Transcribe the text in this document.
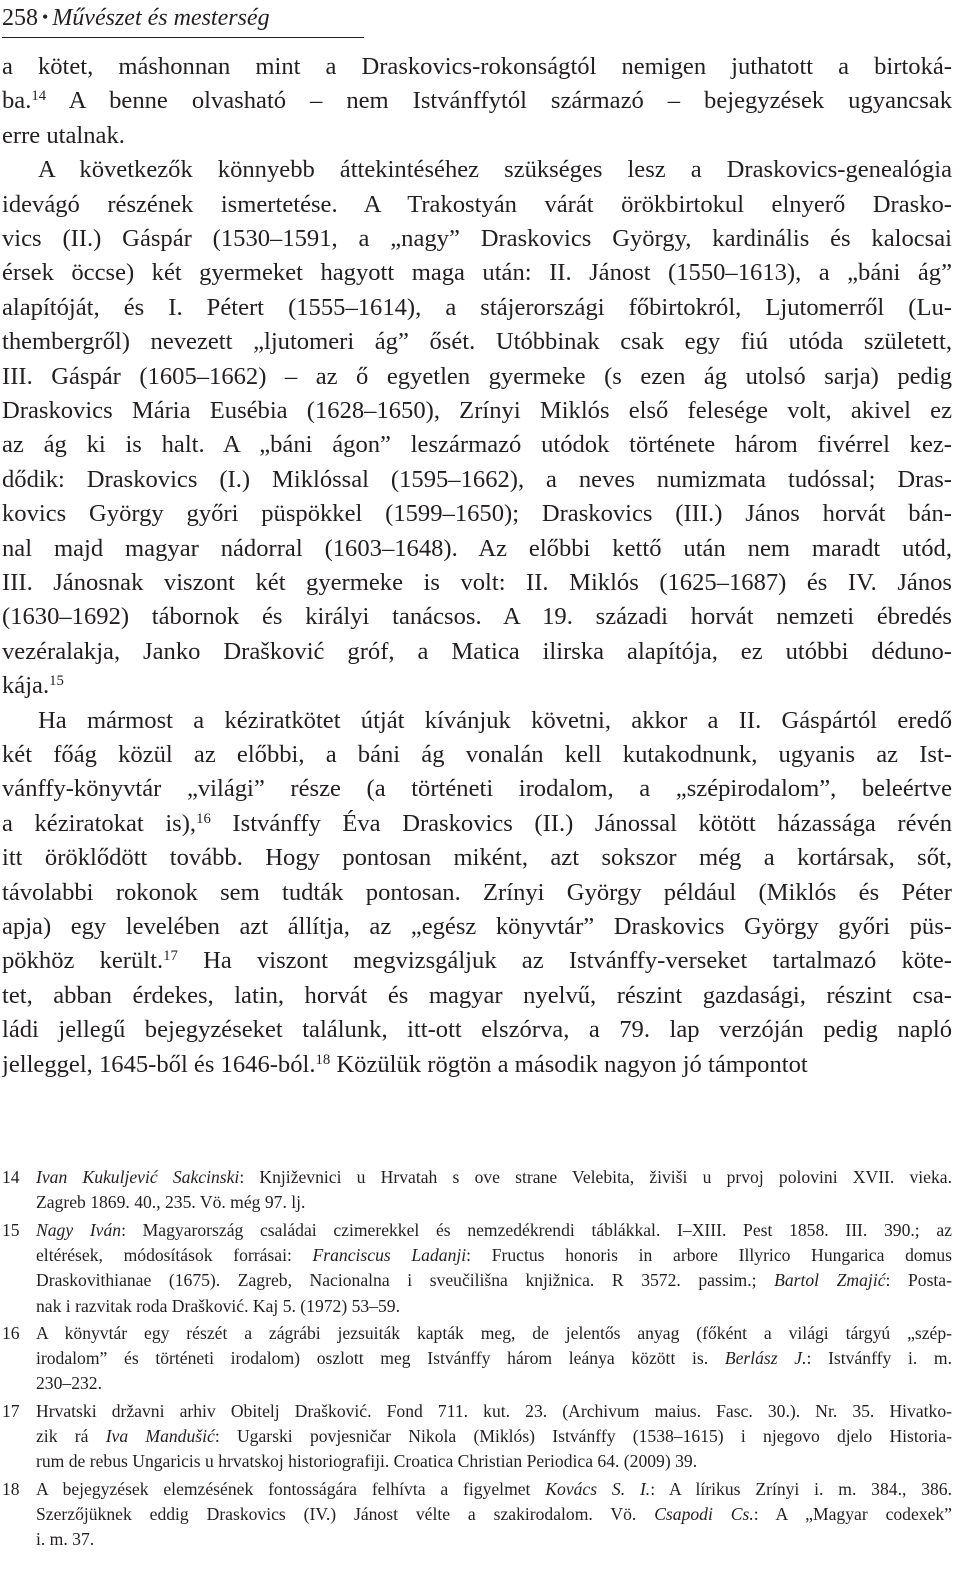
258 • Művészet és mesterség
a kötet, máshonnan mint a Draskovics-rokonságtól nemigen juthatott a birtoká-
ba.$^{14}$ A benne olvasható – nem Istvánffytól származó – bejegyzések ugyancsak
erre utalnak.
A következők könnyebb áttekintéséhez szükséges lesz a Draskovics-genealógia
idevágó részének ismertetése. A Trakostyán várát örökbirtokul elnyerő Drasko-
vics (II.) Gáspár (1530–1591, a „nagy” Draskovics György, kardinális és kalocsai
érsek öccse) két gyermeket hagyott maga után: II. Jánost (1550–1613), a „báni ág”
alapítóját, és I. Pétert (1555–1614), a stájerországi főbirtokról, Ljutomerről (Lu-
thembergről) nevezett „ljutomeri ág” ősét. Utóbbinak csak egy fiú utóda született,
III. Gáspár (1605–1662) – az ő egyetlen gyermeke (s ezen ág utolsó sarja) pedig
Draskovics Mária Eusébia (1628–1650), Zrínyi Miklós első felesége volt, akivel ez
az ág ki is halt. A „báni ágon” leszármazó utódok története három fivérrel kez-
dődik: Draskovics (I.) Miklóssal (1595–1662), a neves numizmata tudóssal; Dras-
kovics György győri püspökkel (1599–1650); Draskovics (III.) János horvát bán-
nal majd magyar nádorral (1603–1648). Az előbbi kettő után nem maradt utód,
III. Jánosnak viszont két gyermeke is volt: II. Miklós (1625–1687) és IV. János
(1630–1692) tábornok és királyi tanácsos. A 19. századi horvát nemzeti ébredés
vezéralakja, Janko Drašković gróf, a Matica ilirska alapítója, ez utóbbi dédunо-
kája.$^{15}$
Ha mármost a kéziratkötet útját kívánjuk követni, akkor a II. Gáspártól eredő
két főág közül az előbbi, a báni ág vonalán kell kutakodnunk, ugyanis az Ist-
vánffy-könyvtár „világi” része (a történeti irodalom, a „szépirodalom”, beleértve
a kéziratokat is),$^{16}$ Istvánffy Éva Draskovics (II.) Jánossal kötött házassága révén
itt öröklődött tovább. Hogy pontosan miként, azt sokszor még a kortársak, sőt,
távolabbi rokonok sem tudták pontosan. Zrínyi György például (Miklós és Péter
apja) egy levelében azt állítja, az „egész könyvtár” Draskovics György győri püs-
pökhöz került.$^{17}$ Ha viszont megvizsgáljuk az Istvánffy-verseket tartalmazó köte-
tet, abban érdekes, latin, horvát és magyar nyelvű, részint gazdasági, részint csa-
ládi jellegű bejegyzéseket találunk, itt-ott elszórva, a 79. lap verzóján pedig napló
jelleggel, 1645-ből és 1646-ból.$^{18}$ Közülük rögtön a második nagyon jó támpontot
14 Ivan Kukuljević Sakcinski: Književnici u Hrvatah s ove strane Velebita, živiši u prvoj polovini XVII. vieka.
Zagreb 1869. 40., 235. Vö. még 97. lj.
15 Nagy Iván: Magyarország családai czimerekkel és nemzedékrendi táblákkal. I–XIII. Pest 1858. III. 390.; az
eltérések, módosítások forrásai: Franciscus Ladanji: Fructus honoris in arbore Illyrico Hungarica domus
Draskovithianae (1675). Zagreb, Nacionalna i sveučilišna knjižnica. R 3572. passim.; Bartol Zmajić: Posta-
nak i razvitak roda Drašković. Kaj 5. (1972) 53–59.
16 A könyvtár egy részét a zágrábi jezsuiták kapták meg, de jelentős anyag (főként a világi tárgyú „szép-
irodalom” és történeti irodalom) oszlott meg Istvánffy három leánya között is. Berlász J.: Istvánffy i. m.
230–232.
17 Hrvatski državni arhiv Obitelj Drašković. Fond 711. kut. 23. (Archivum maius. Fasc. 30.). Nr. 35. Hivatko-
zik rá Iva Mandušić: Ugarski povjesničar Nikola (Miklós) Istvánffy (1538–1615) i njegovo djelo Historia-
rum de rebus Ungaricis u hrvatskoj historiografiji. Croatica Christian Periodica 64. (2009) 39.
18 A bejegyzések elemzésének fontosságára felhívta a figyelmet Kovács S. I.: A lírikus Zrínyi i. m. 384., 386.
Szerzőjüknek eddig Draskovics (IV.) Jánost vélte a szakirodalom. Vö. Csapodi Cs.: A „Magyar codexek”
i. m. 37.
